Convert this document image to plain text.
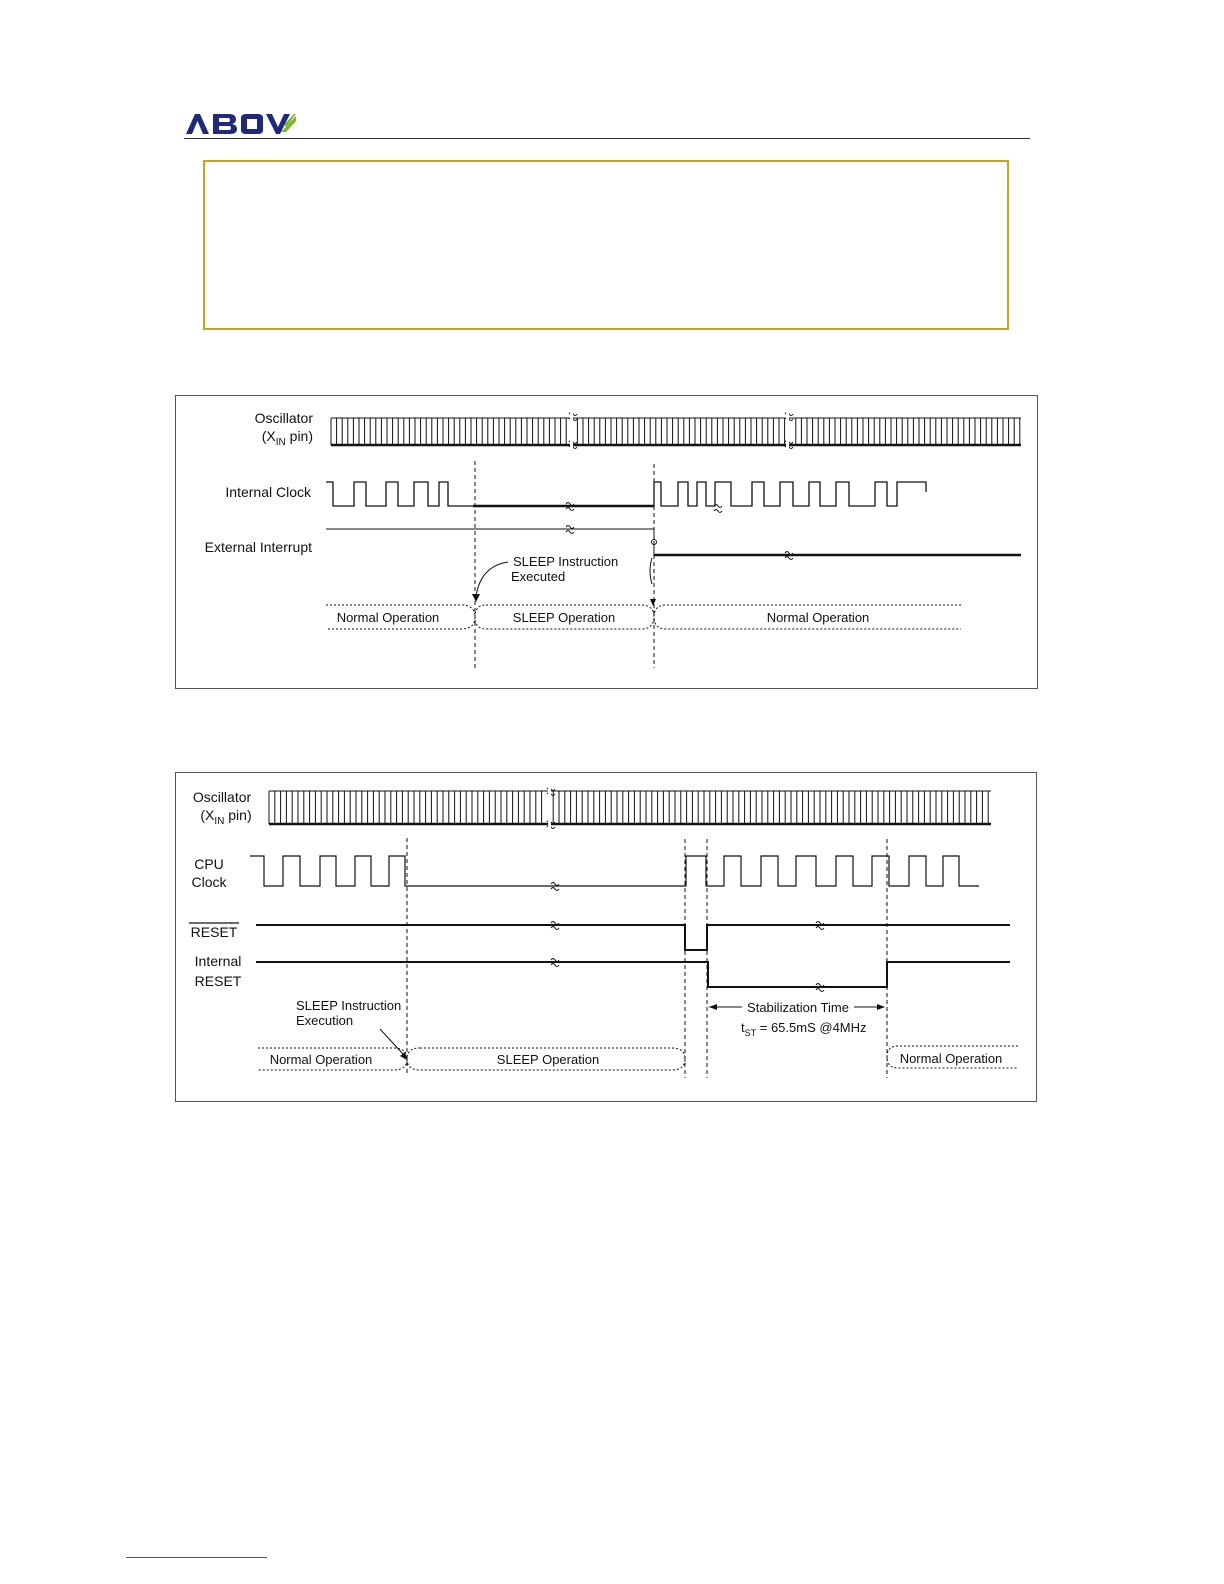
Oscillator
($X_{IN}$ pin)
Internal Clock
External Interrupt
SLEEP Instruction
Executed
Normal Operation	SLEEP Operation	Normal Operation
Oscillator
($X_{IN}$ pin)
CPU
Clock
RESET
Internal
RESET
SLEEP Instruction
Execution
Stabilization Time
$t_{ST} = 65.5mS$ @4MHz
Normal Operation	SLEEP Operation	Normal Operation
